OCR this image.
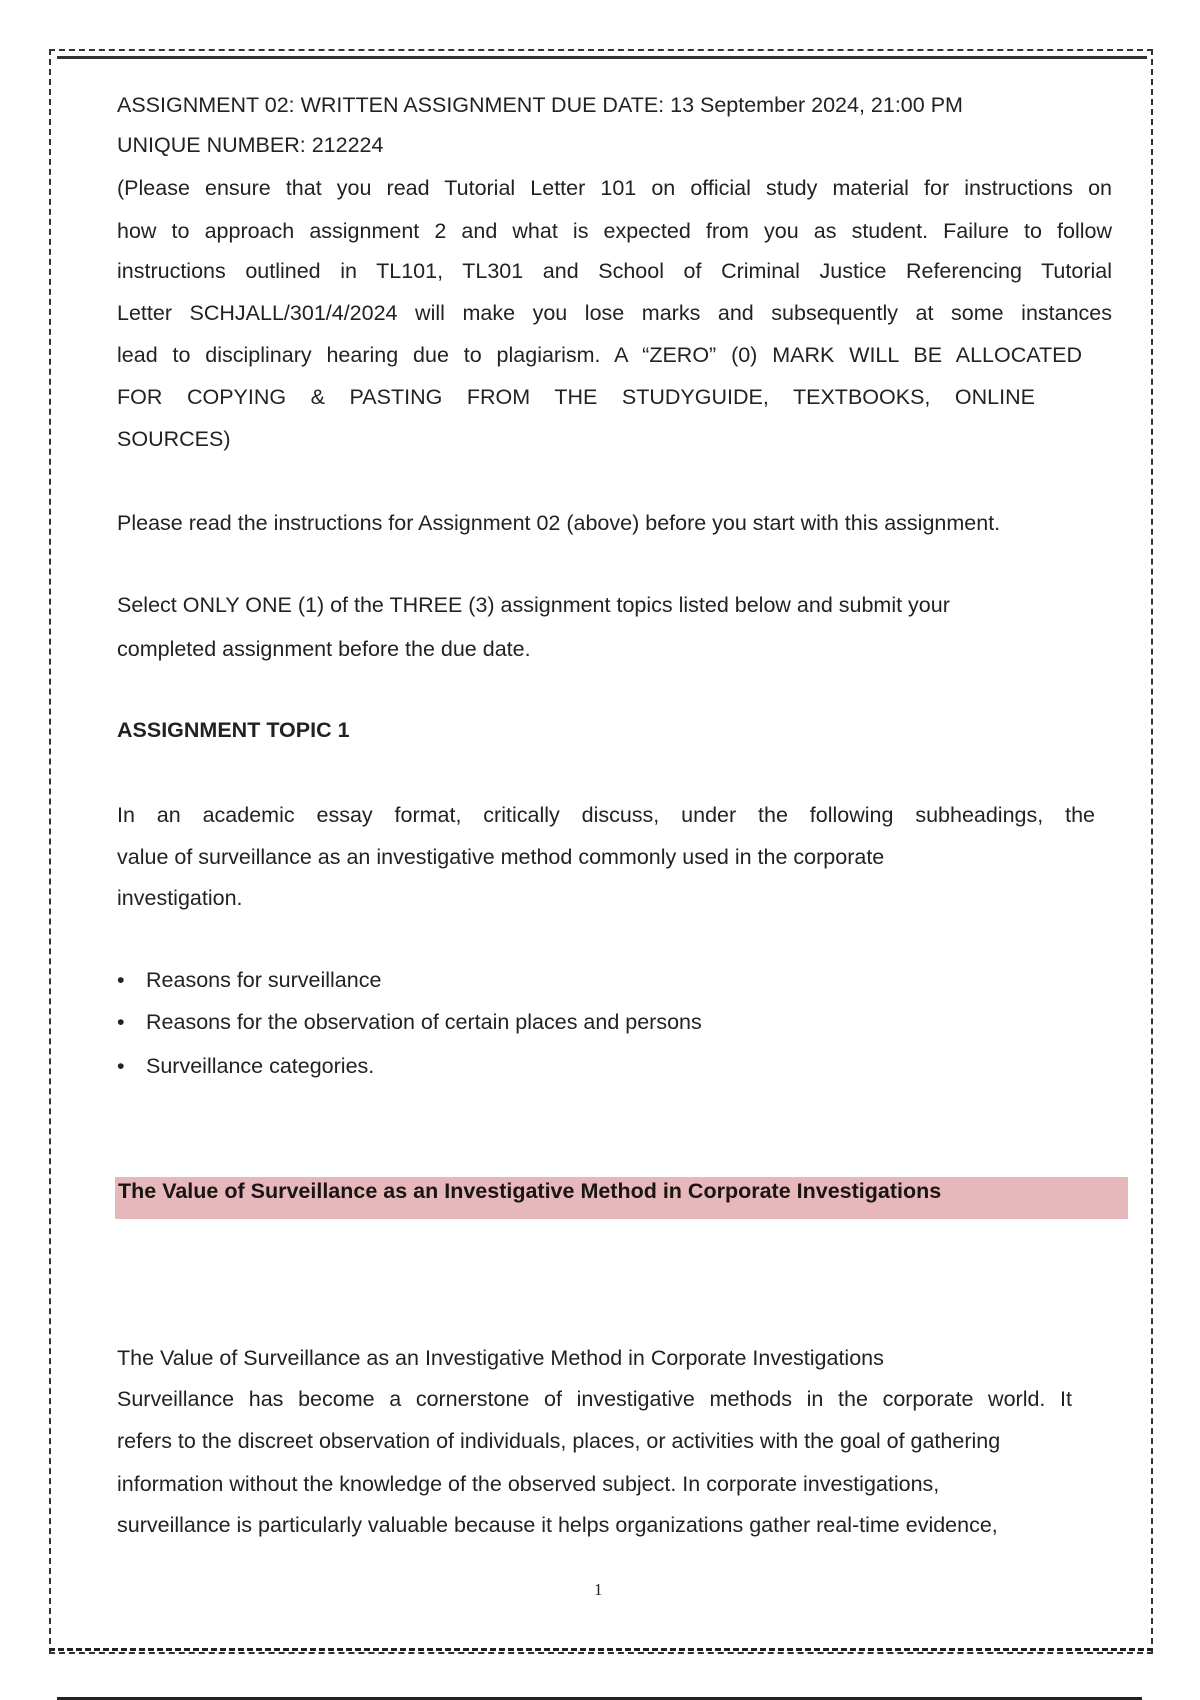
ASSIGNMENT 02: WRITTEN ASSIGNMENT DUE DATE: 13 September 2024, 21:00 PM
UNIQUE NUMBER: 212224
(Please ensure that you read Tutorial Letter 101 on official study material for instructions on
how to approach assignment 2 and what is expected from you as student. Failure to follow
instructions outlined in TL101, TL301 and School of Criminal Justice Referencing Tutorial
Letter SCHJALL/301/4/2024 will make you lose marks and subsequently at some instances
lead to disciplinary hearing due to plagiarism. A “ZERO” (0) MARK WILL BE ALLOCATED
FOR COPYING & PASTING FROM THE STUDYGUIDE, TEXTBOOKS, ONLINE
SOURCES)
Please read the instructions for Assignment 02 (above) before you start with this assignment.
Select ONLY ONE (1) of the THREE (3) assignment topics listed below and submit your
completed assignment before the due date.
ASSIGNMENT TOPIC 1
In an academic essay format, critically discuss, under the following subheadings, the
value of surveillance as an investigative method commonly used in the corporate
investigation.
• Reasons for surveillance
• Reasons for the observation of certain places and persons
• Surveillance categories.
The Value of Surveillance as an Investigative Method in Corporate Investigations
The Value of Surveillance as an Investigative Method in Corporate Investigations
Surveillance has become a cornerstone of investigative methods in the corporate world. It
refers to the discreet observation of individuals, places, or activities with the goal of gathering
information without the knowledge of the observed subject. In corporate investigations,
surveillance is particularly valuable because it helps organizations gather real-time evidence,
1
